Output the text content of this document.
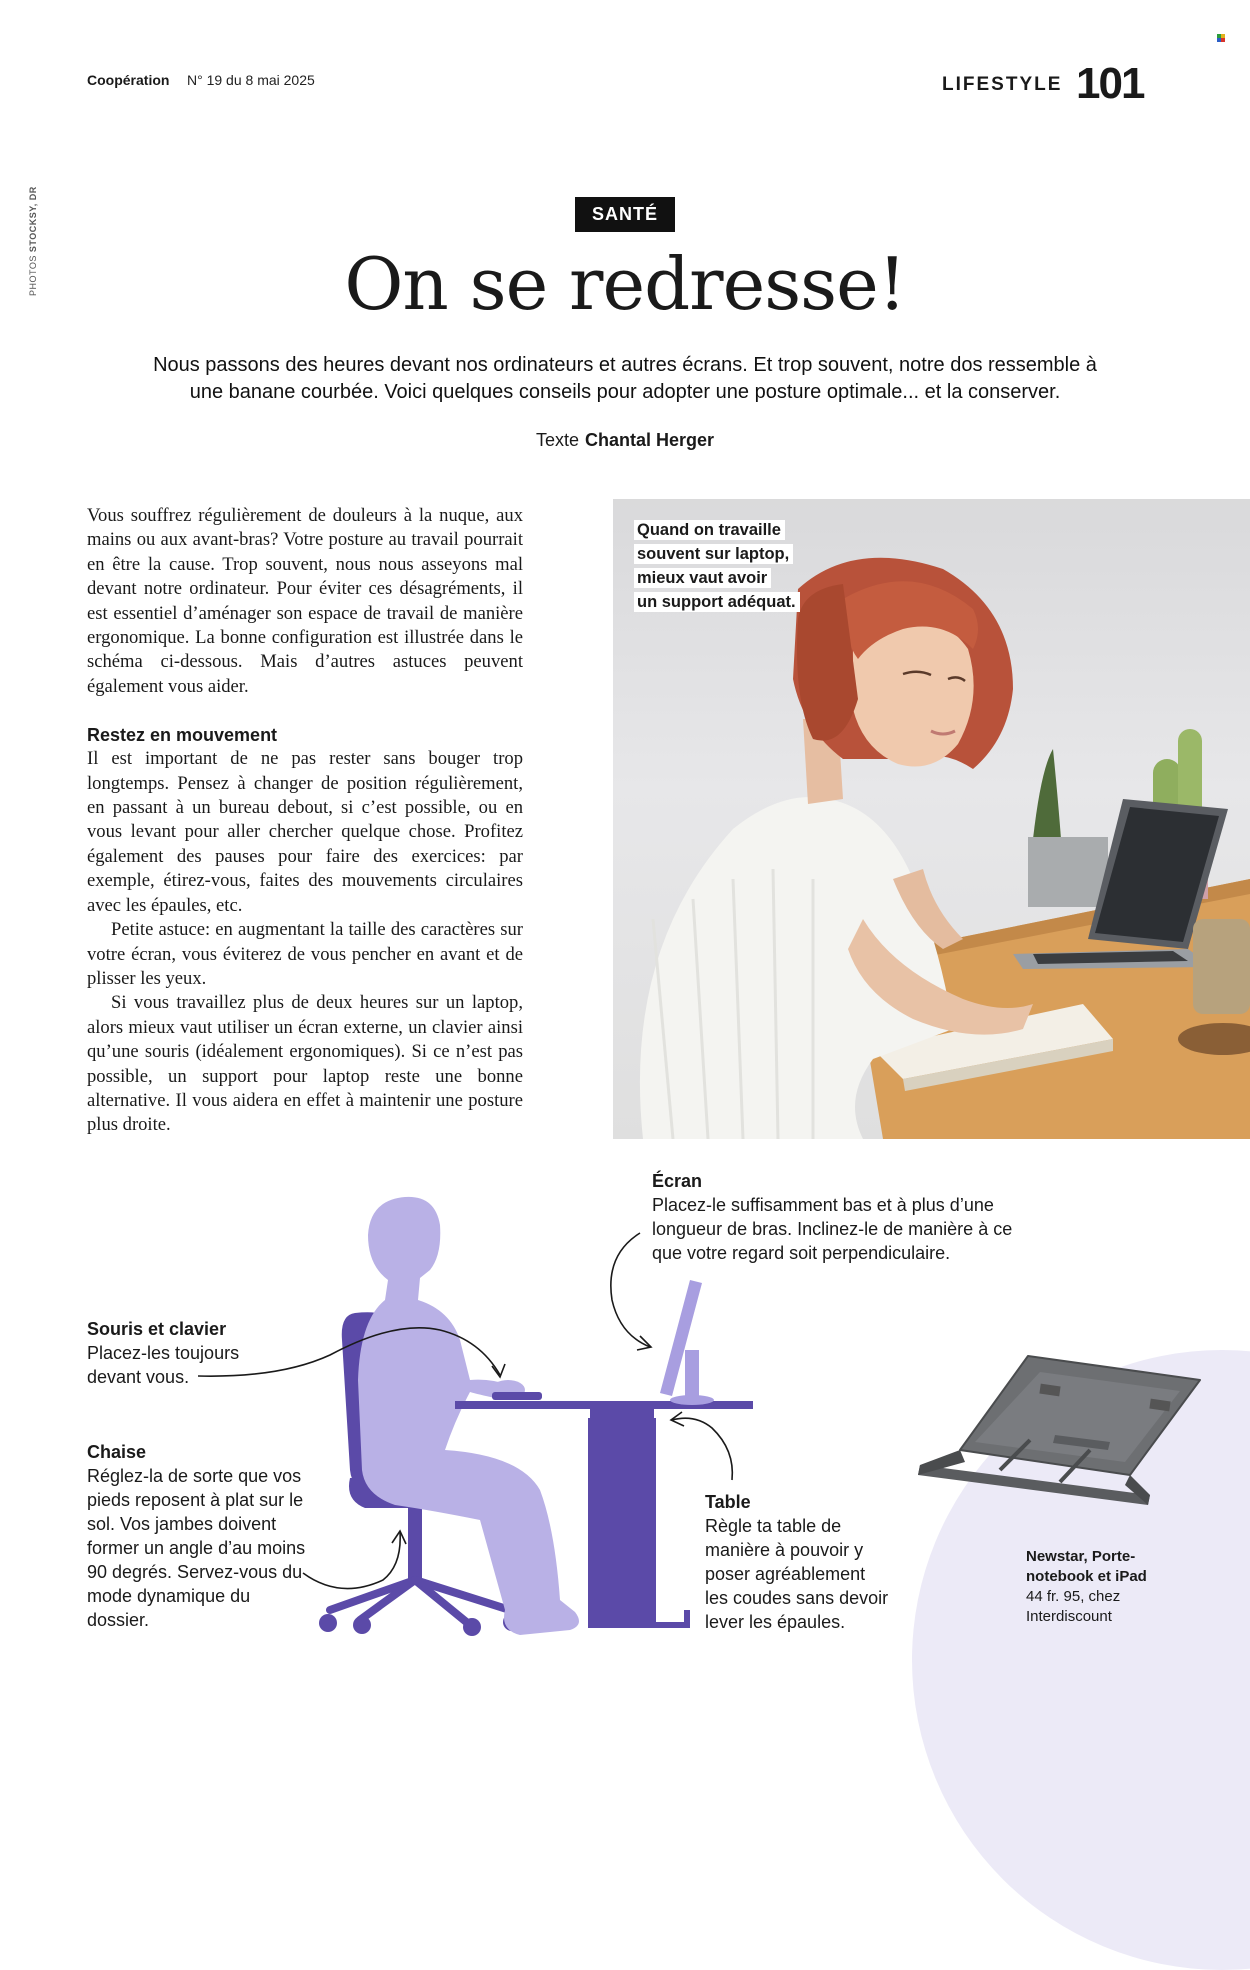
Coopération N° 19 du 8 mai 2025	LIFESTYLE 101
PHOTOS STOCKSY, DR	SANTÉ
On se redresse!
Nous passons des heures devant nos ordinateurs et autres écrans. Et trop souvent, notre dos ressemble à une banane courbée. Voici quelques conseils pour adopter une posture optimale... et la conserver.
Texte Chantal Herger

Vous souffrez régulièrement de douleurs à la nuque, aux mains ou aux avant-bras? Votre posture au travail pourrait en être la cause. Trop souvent, nous nous asseyons mal devant notre ordinateur. Pour éviter ces désagréments, il est essentiel d’aménager son espace de travail de manière ergonomique. La bonne configuration est illustrée dans le schéma ci-dessous. Mais d’autres astuces peuvent également vous aider.

Restez en mouvement

Il est important de ne pas rester sans bouger trop longtemps. Pensez à changer de position régulièrement, en passant à un bureau debout, si c’est possible, ou en vous levant pour aller chercher quelque chose. Profitez également des pauses pour faire des exercices: par exemple, étirez-vous, faites des mouvements circulaires avec les épaules, etc.

Petite astuce: en augmentant la taille des caractères sur votre écran, vous éviterez de vous pencher en avant et de plisser les yeux.

Si vous travaillez plus de deux heures sur un laptop, alors mieux vaut utiliser un écran externe, un clavier ainsi qu’une souris (idéalement ergonomiques). Si ce n’est pas possible, un support pour laptop reste une bonne alternative. Il vous aidera en effet à maintenir une posture plus droite.

Quand on travaille
souvent sur laptop,
mieux vaut avoir
un support adéquat.
Écran
Placez-le suffisamment bas et à plus d’une longueur de bras. Inclinez-le de manière à ce que votre regard soit perpendiculaire.
Souris et clavier
Placez-les toujours devant vous.
Chaise
Réglez-la de sorte que vos pieds reposent à plat sur le sol. Vos jambes doivent former un angle d’au moins 90 degrés. Servez-vous du mode dynamique du dossier.
Table
Règle ta table de manière à pouvoir y poser agréablement les coudes sans devoir lever les épaules.
Newstar, Porte-notebook et iPad
44 fr. 95, chez
Interdiscount
